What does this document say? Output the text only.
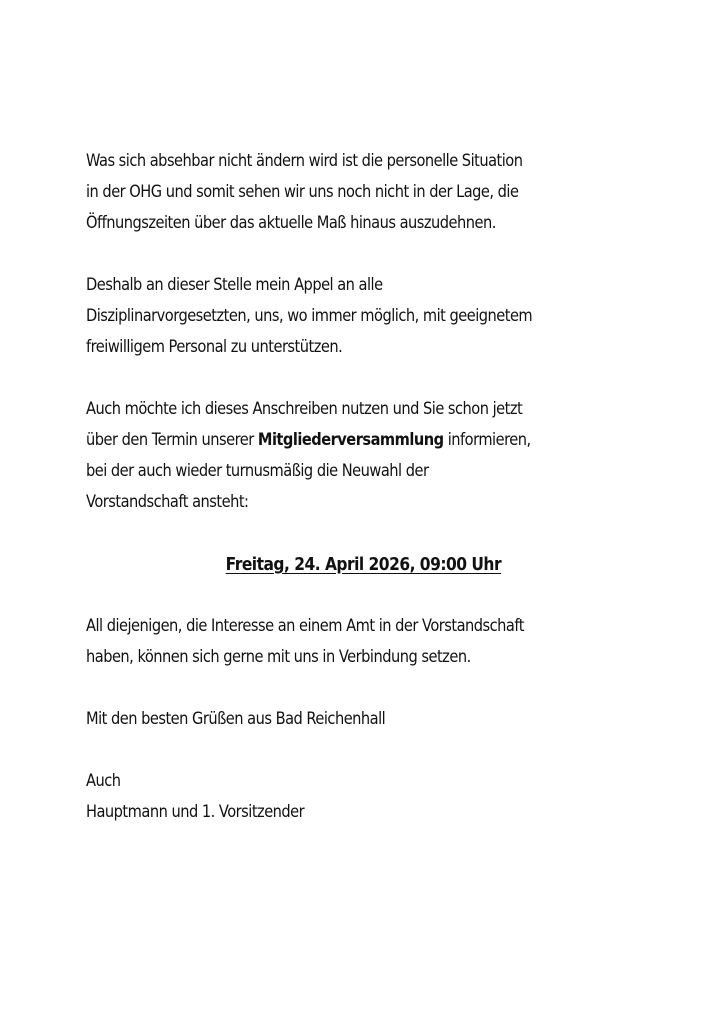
Was sich absehbar nicht ändern wird ist die personelle Situation
in der OHG und somit sehen wir uns noch nicht in der Lage, die
Öffnungszeiten über das aktuelle Maß hinaus auszudehnen.

Deshalb an dieser Stelle mein Appel an alle
Disziplinarvorgesetzten, uns, wo immer möglich, mit geeignetem
freiwilligem Personal zu unterstützen.

Auch möchte ich dieses Anschreiben nutzen und Sie schon jetzt
über den Termin unserer Mitgliederversammlung informieren,
bei der auch wieder turnusmäßig die Neuwahl der
Vorstandschaft ansteht:

Freitag, 24. April 2026, 09:00 Uhr

All diejenigen, die Interesse an einem Amt in der Vorstandschaft
haben, können sich gerne mit uns in Verbindung setzen.

Mit den besten Grüßen aus Bad Reichenhall

Auch
Hauptmann und 1. Vorsitzender
